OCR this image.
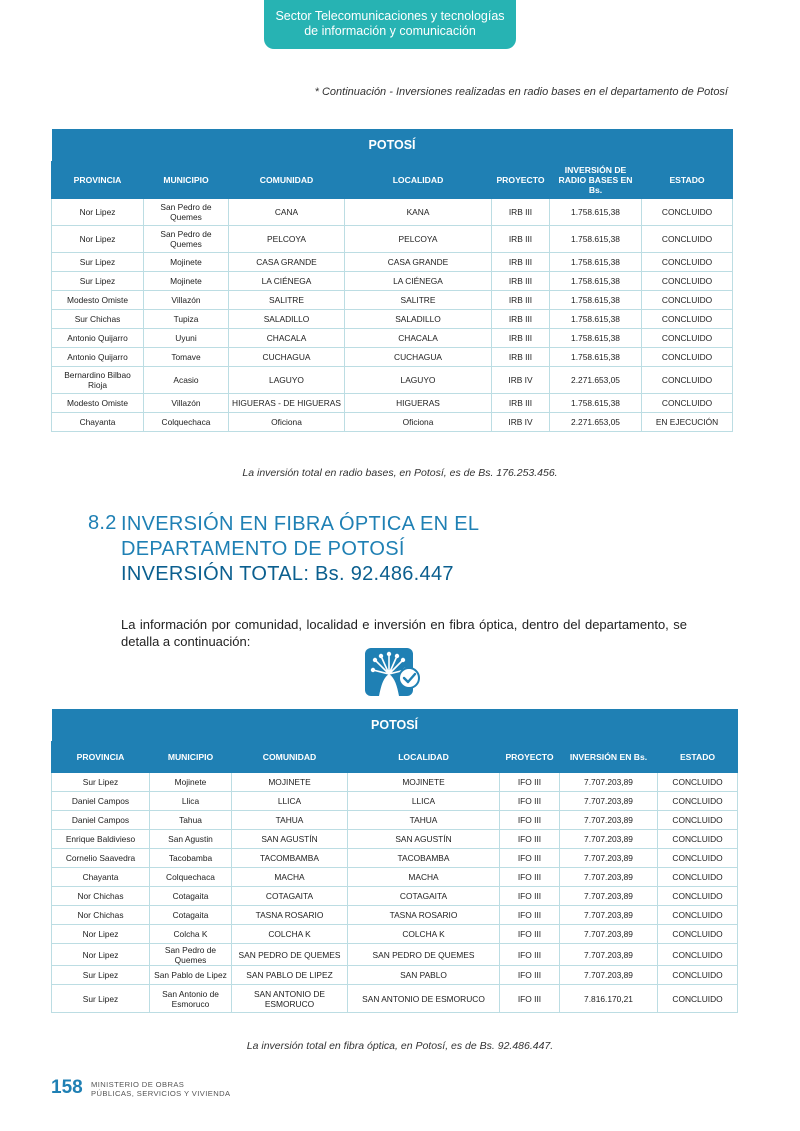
Sector Telecomunicaciones y tecnologías
de información y comunicación
* Continuación - Inversiones realizadas en radio bases en el departamento de Potosí
POTOSÍ						
PROVINCIA	MUNICIPIO	COMUNIDAD	LOCALIDAD	PROYECTO	INVERSIÓN DE RADIO BASES EN Bs.	ESTADO
Nor Lipez	San Pedro de Quemes	CANA	KANA	IRB III	1.758.615,38	CONCLUIDO
Nor Lipez	San Pedro de Quemes	PELCOYA	PELCOYA	IRB III	1.758.615,38	CONCLUIDO
Sur Lipez	Mojinete	CASA GRANDE	CASA GRANDE	IRB III	1.758.615,38	CONCLUIDO
Sur Lipez	Mojinete	LA CIÉNEGA	LA CIÉNEGA	IRB III	1.758.615,38	CONCLUIDO
Modesto Omiste	Villazón	SALITRE	SALITRE	IRB III	1.758.615,38	CONCLUIDO
Sur Chichas	Tupiza	SALADILLO	SALADILLO	IRB III	1.758.615,38	CONCLUIDO
Antonio Quijarro	Uyuni	CHACALA	CHACALA	IRB III	1.758.615,38	CONCLUIDO
Antonio Quijarro	Tomave	CUCHAGUA	CUCHAGUA	IRB III	1.758.615,38	CONCLUIDO
Bernardino Bilbao Rioja	Acasio	LAGUYO	LAGUYO	IRB IV	2.271.653,05	CONCLUIDO
Modesto Omiste	Villazón	HIGUERAS - DE HIGUERAS	HIGUERAS	IRB III	1.758.615,38	CONCLUIDO
Chayanta	Colquechaca	Oficiona	Oficiona	IRB IV	2.271.653,05	EN EJECUCIÓN
La inversión total en radio bases, en Potosí, es de Bs. 176.253.456.
8.2 INVERSIÓN EN FIBRA ÓPTICA EN EL
DEPARTAMENTO DE POTOSÍ
INVERSIÓN TOTAL: Bs. 92.486.447
La información por comunidad, localidad e inversión en fibra óptica, dentro del departamento, se detalla a continuación:
POTOSÍ						
PROVINCIA	MUNICIPIO	COMUNIDAD	LOCALIDAD	PROYECTO	INVERSIÓN EN Bs.	ESTADO
Sur Lipez	Mojinete	MOJINETE	MOJINETE	IFO III	7.707.203,89	CONCLUIDO
Daniel Campos	Llica	LLICA	LLICA	IFO III	7.707.203,89	CONCLUIDO
Daniel Campos	Tahua	TAHUA	TAHUA	IFO III	7.707.203,89	CONCLUIDO
Enrique Baldivieso	San Agustin	SAN AGUSTÍN	SAN AGUSTÍN	IFO III	7.707.203,89	CONCLUIDO
Cornelio Saavedra	Tacobamba	TACOMBAMBA	TACOBAMBA	IFO III	7.707.203,89	CONCLUIDO
Chayanta	Colquechaca	MACHA	MACHA	IFO III	7.707.203,89	CONCLUIDO
Nor Chichas	Cotagaita	COTAGAITA	COTAGAITA	IFO III	7.707.203,89	CONCLUIDO
Nor Chichas	Cotagaita	TASNA ROSARIO	TASNA ROSARIO	IFO III	7.707.203,89	CONCLUIDO
Nor Lipez	Colcha K	COLCHA K	COLCHA K	IFO III	7.707.203,89	CONCLUIDO
Nor Lipez	San Pedro de Quemes	SAN PEDRO DE QUEMES	SAN PEDRO DE QUEMES	IFO III	7.707.203,89	CONCLUIDO
Sur Lipez	San Pablo de Lipez	SAN PABLO DE LIPEZ	SAN PABLO	IFO III	7.707.203,89	CONCLUIDO
Sur Lipez	San Antonio de Esmoruco	SAN ANTONIO DE ESMORUCO	SAN ANTONIO DE ESMORUCO	IFO III	7.816.170,21	CONCLUIDO
La inversión total en fibra óptica, en Potosí, es de Bs. 92.486.447.
158 MINISTERIO DE OBRAS
PÚBLICAS, SERVICIOS Y VIVIENDA
